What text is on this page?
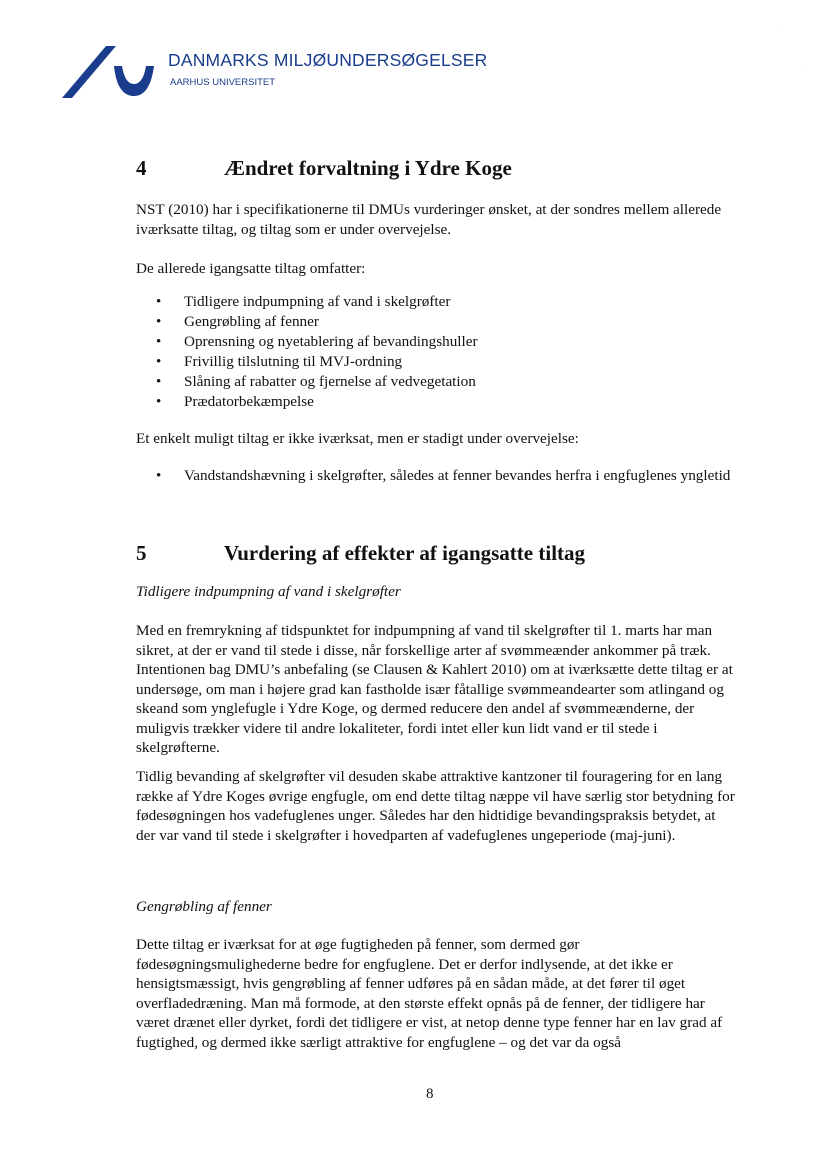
DANMARKS MILJØUNDERSØGELSER

AARHUS UNIVERSITET

·
·
4	Ændret forvaltning i Ydre Koge

NST (2010) har i specifikationerne til DMUs vurderinger ønsket, at der sondres mellem allerede iværksatte tiltag, og tiltag som er under overvejelse.

De allerede igangsatte tiltag omfatter:

• Tidligere indpumpning af vand i skelgrøfter
• Gengrøbling af fenner
• Oprensning og nyetablering af bevandingshuller
• Frivillig tilslutning til MVJ-ordning
• Slåning af rabatter og fjernelse af vedvegetation
• Prædatorbekæmpelse

Et enkelt muligt tiltag er ikke iværksat, men er stadigt under overvejelse:

• Vandstandshævning i skelgrøfter, således at fenner bevandes herfra i engfuglenes yngletid
5	Vurdering af effekter af igangsatte tiltag

Tidligere indpumpning af vand i skelgrøfter

Med en fremrykning af tidspunktet for indpumpning af vand til skelgrøfter til 1. marts har man sikret, at der er vand til stede i disse, når forskellige arter af svømmeænder ankommer på træk. Intentionen bag DMU’s anbefaling (se Clausen & Kahlert 2010) om at iværksætte dette tiltag er at undersøge, om man i højere grad kan fastholde især fåtallige svømmeandearter som atlingand og skeand som ynglefugle i Ydre Koge, og dermed reducere den andel af svømmeænderne, der muligvis trækker videre til andre lokaliteter, fordi intet eller kun lidt vand er til stede i skelgrøfterne.

Tidlig bevanding af skelgrøfter vil desuden skabe attraktive kantzoner til fouragering for en lang række af Ydre Koges øvrige engfugle, om end dette tiltag næppe vil have særlig stor betydning for fødesøgningen hos vadefuglenes unger. Således har den hidtidige bevandingspraksis betydet, at der var vand til stede i skelgrøfter i hovedparten af vadefuglenes ungeperiode (maj-juni).

Gengrøbling af fenner

Dette tiltag er iværksat for at øge fugtigheden på fenner, som dermed gør fødesøgningsmulighederne bedre for engfuglene. Det er derfor indlysende, at det ikke er hensigtsmæssigt, hvis gengrøbling af fenner udføres på en sådan måde, at det fører til øget overfladedræning. Man må formode, at den største effekt opnås på de fenner, der tidligere har været drænet eller dyrket, fordi det tidligere er vist, at netop denne type fenner har en lav grad af fugtighed, og dermed ikke særligt attraktive for engfuglene – og det var da også

8
